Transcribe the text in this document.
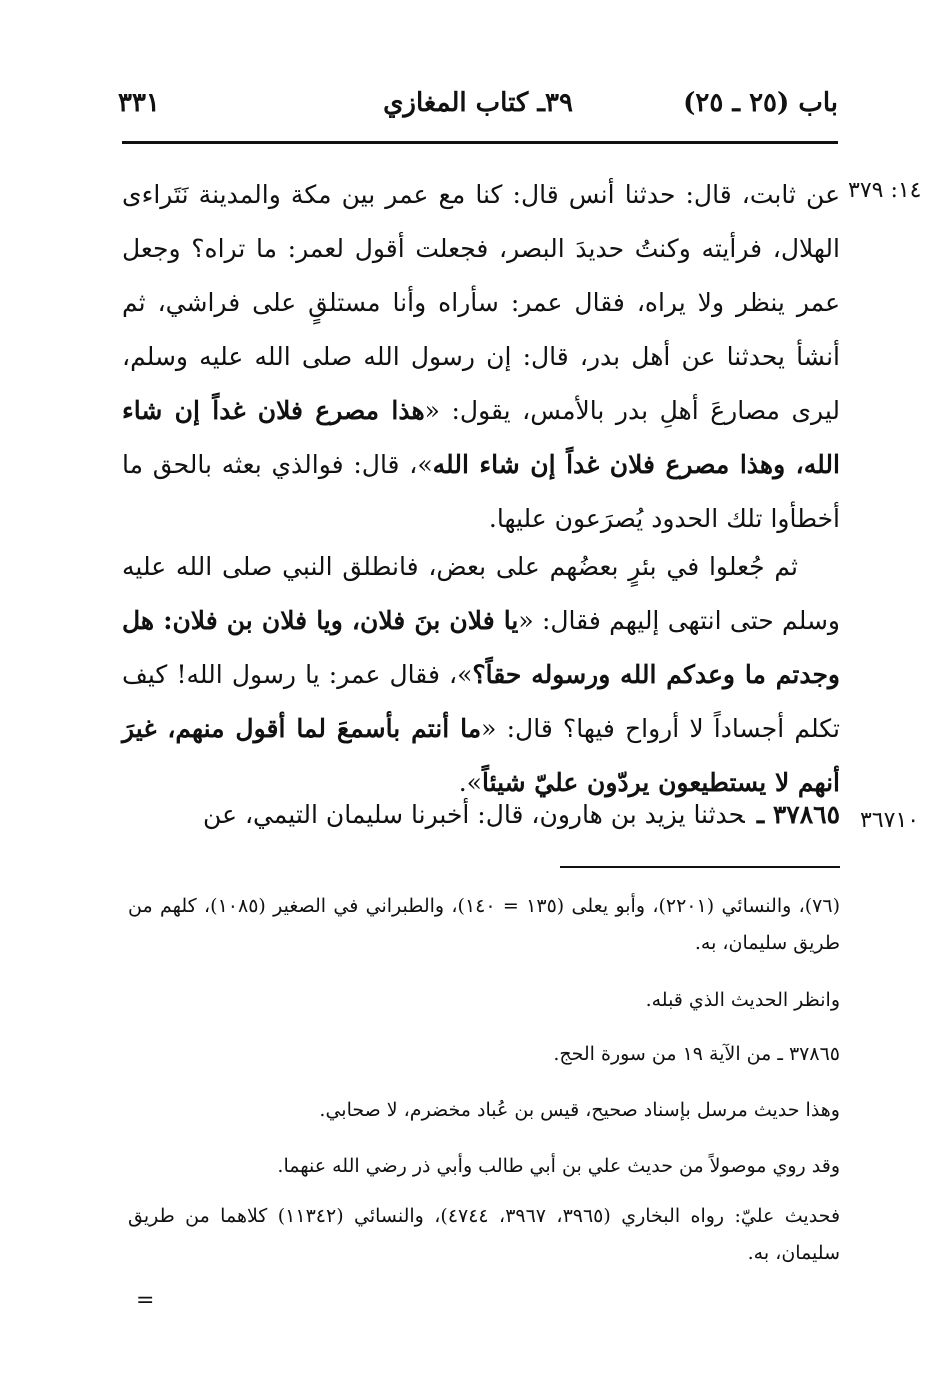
باب (٢٥ ـ ٢٥)
٣٩ـ كتاب المغازي
٣٣١
١٤: ٣٧٩

عن ثابت، قال: حدثنا أنس قال: كنا مع عمر بين مكة والمدينة نَتَراءى الهلال، فرأيته وكنتُ حديدَ البصر، فجعلت أقول لعمر: ما تراه؟ وجعل عمر ينظر ولا يراه، فقال عمر: سأراه وأنا مستلقٍ على فراشي، ثم أنشأ يحدثنا عن أهل بدر، قال: إن رسول الله صلى الله عليه وسلم، ليرى مصارعَ أهلِ بدر بالأمس، يقول: «هذا مصرع فلان غداً إن شاء الله، وهذا مصرع فلان غداً إن شاء الله»، قال: فوالذي بعثه بالحق ما أخطأوا تلك الحدود يُصرَعون عليها.

ثم جُعلوا في بئرٍ بعضُهم على بعض، فانطلق النبي صلى الله عليه وسلم حتى انتهى إليهم فقال: «يا فلان بنَ فلان، ويا فلان بن فلان: هل وجدتم ما وعدكم الله ورسوله حقاً؟»، فقال عمر: يا رسول الله! كيف تكلم أجساداً لا أرواح فيها؟ قال: «ما أنتم بأسمعَ لما أقول منهم، غيرَ أنهم لا يستطيعون يردّون عليّ شيئاً».

٣٦٧١٠
٣٧٨٦٥ ـحدثنا يزيد بن هارون، قال: أخبرنا سليمان التيمي، عن

(٧٦)، والنسائي (٢٢٠١)، وأبو يعلى (١٣٥ = ١٤٠)، والطبراني في الصغير (١٠٨٥)، كلهم من طريق سليمان، به.

وانظر الحديث الذي قبله.

٣٧٨٦٥ ـ من الآية ١٩ من سورة الحج.

وهذا حديث مرسل بإسناد صحيح، قيس بن عُباد مخضرم، لا صحابي.

وقد روي موصولاً من حديث علي بن أبي طالب وأبي ذر رضي الله عنهما.

فحديث عليّ: رواه البخاري (٣٩٦٥، ٣٩٦٧، ٤٧٤٤)، والنسائي (١١٣٤٢) كلاهما من طريق سليمان، به.

=
